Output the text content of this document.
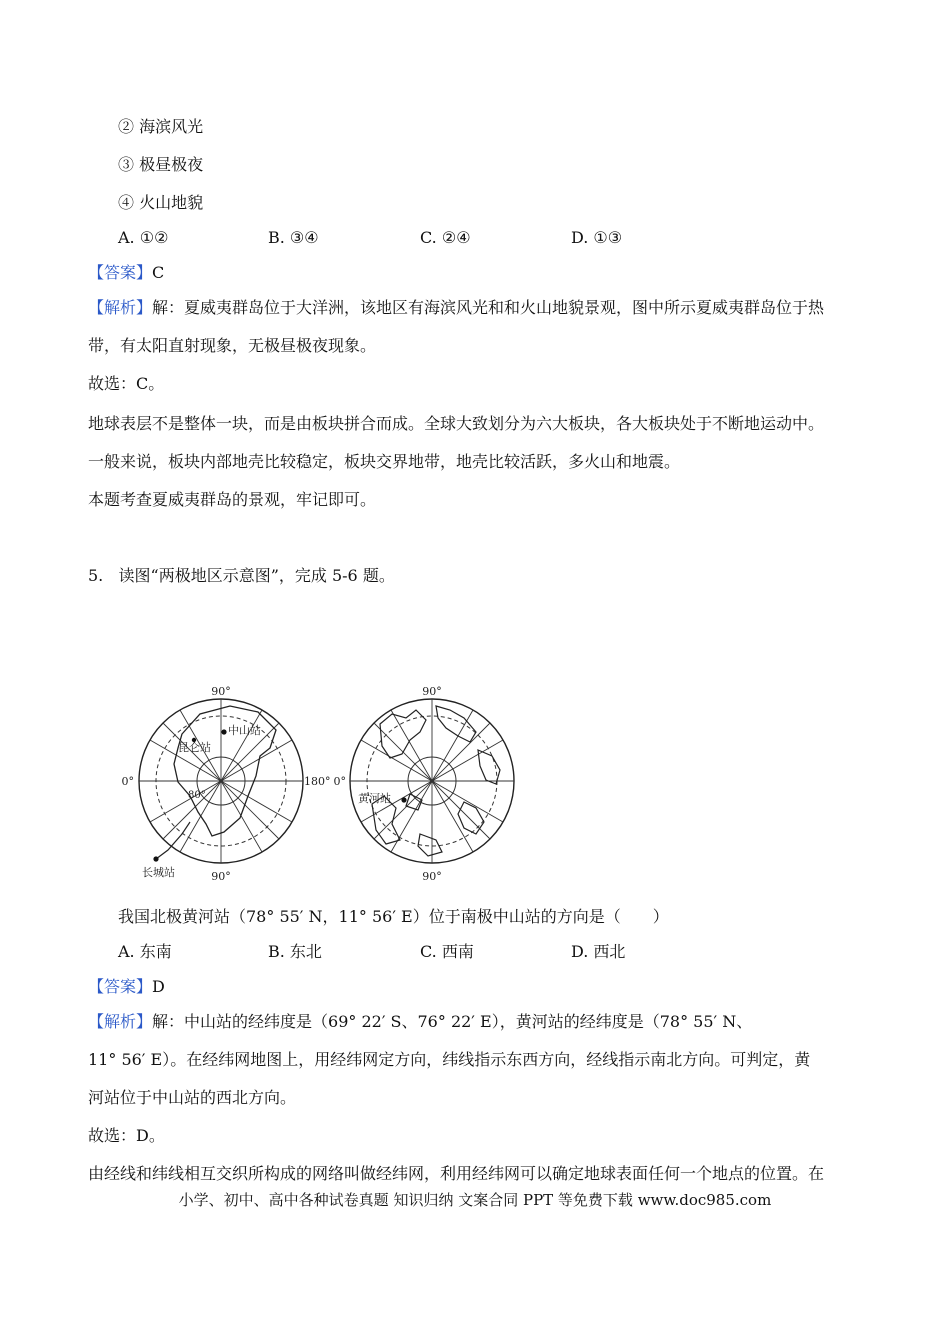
② 海滨风光
③ 极昼极夜
④ 火山地貌
A. ①②	B. ③④	C. ②④	D. ①③
【答案】C
【解析】解：夏威夷群岛位于大洋洲，该地区有海滨风光和和火山地貌景观，图中所示夏威夷群岛位于热
带，有太阳直射现象，无极昼极夜现象。
故选：C。
地球表层不是整体一块，而是由板块拼合而成。全球大致划分为六大板块，各大板块处于不断地运动中。
一般来说，板块内部地壳比较稳定，板块交界地带，地壳比较活跃，多火山和地震。
本题考查夏威夷群岛的景观，牢记即可。
5.   读图“两极地区示意图”，完成 5-6 题。
90°
90°
0°	180°
80°
中山站
昆仑站
长城站
90°
90°
0°
黄河站
我国北极黄河站（78° 55′ N，11° 56′ E）位于南极中山站的方向是（　　）
A. 东南	B. 东北	C. 西南	D. 西北
【答案】D
【解析】解：中山站的经纬度是（69° 22′ S、76° 22′ E），黄河站的经纬度是（78° 55′ N、
11° 56′ E）。在经纬网地图上，用经纬网定方向，纬线指示东西方向，经线指示南北方向。可判定，黄
河站位于中山站的西北方向。
故选：D。
由经线和纬线相互交织所构成的网络叫做经纬网，利用经纬网可以确定地球表面任何一个地点的位置。在
小学、初中、高中各种试卷真题 知识归纳 文案合同 PPT 等免费下载 www.doc985.com
